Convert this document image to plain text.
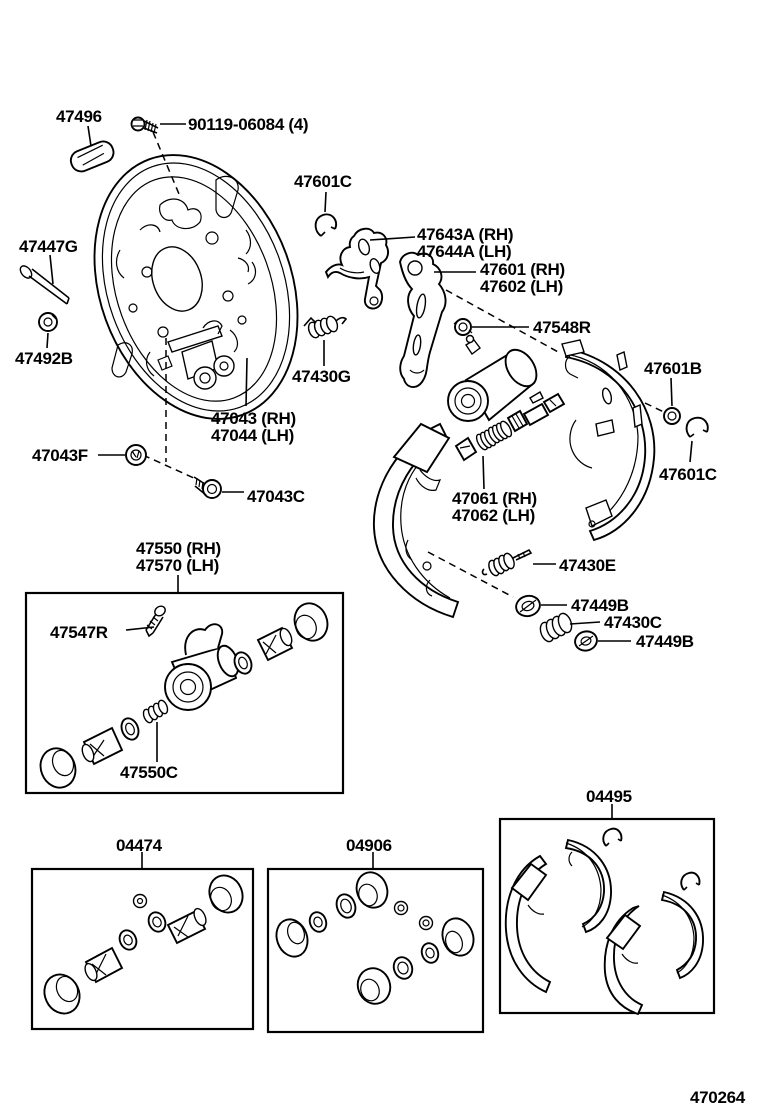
47496	90119-06084 (4)
47601C
47643A (RH)
47644A (LH)
47601 (RH)
47602 (LH)
47548R
47447G
47492B
47430G
47043 (RH)
47044 (LH)
47043F
47043C
47550 (RH)
47570 (LH)
47547R
47550C
47601B
47601C
47061 (RH)
47062 (LH)
47430E
47449B
47430C
47449B
04474	04906
04495
470264
